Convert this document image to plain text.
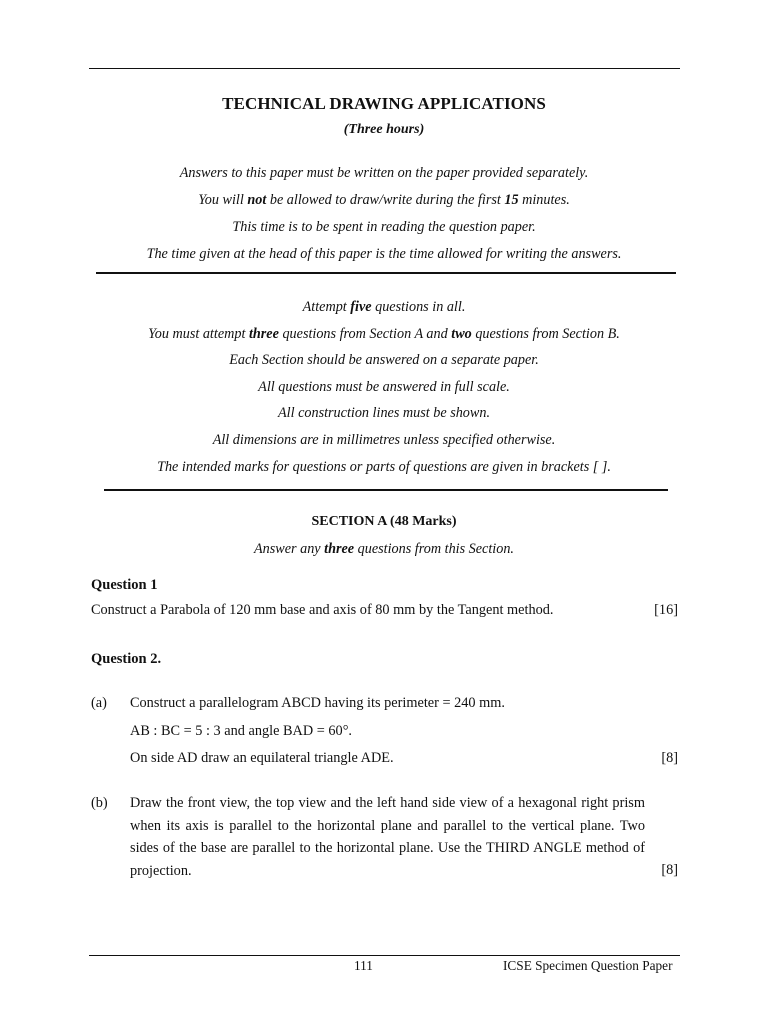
TECHNICAL DRAWING APPLICATIONS
(Three hours)
Answers to this paper must be written on the paper provided separately.
You will not be allowed to draw/write during the first 15 minutes.
This time is to be spent in reading the question paper.
The time given at the head of this paper is the time allowed for writing the answers.
Attempt five questions in all.
You must attempt three questions from Section A and two questions from Section B.
Each Section should be answered on a separate paper.
All questions must be answered in full scale.
All construction lines must be shown.
All dimensions are in millimetres unless specified otherwise.
The intended marks for questions or parts of questions are given in brackets [ ].
SECTION A (48 Marks)
Answer any three questions from this Section.
Question 1
Construct a Parabola of 120 mm base and axis of 80 mm by the Tangent method.	[16]
Question 2.
(a) Construct a parallelogram ABCD having its perimeter = 240 mm.
AB : BC = 5 : 3 and angle BAD = 60°.
On side AD draw an equilateral triangle ADE.	[8]
(b) Draw the front view, the top view and the left hand side view of a hexagonal right prism when its axis is parallel to the horizontal plane and parallel to the vertical plane. Two sides of the base are parallel to the horizontal plane. Use the THIRD ANGLE method of projection.	[8]
111	ICSE Specimen Question Paper
